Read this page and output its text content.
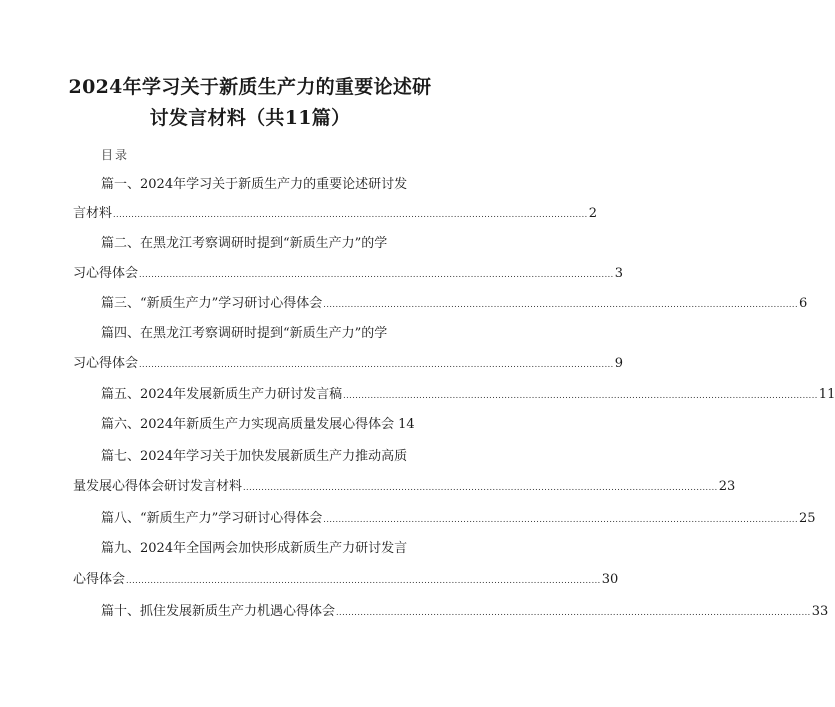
2024年学习关于新质生产力的重要论述研
讨发言材料（共11篇）
目录
篇一、2024年学习关于新质生产力的重要论述研讨发
言材料 ............................................................................................................................................................ 2
篇二、在黑龙江考察调研时提到“新质生产力”的学
习心得体会 ............................................................................................................................................................ 3
篇三、“新质生产力”学习研讨心得体会 ............................................................................................................................................................ 6
篇四、在黑龙江考察调研时提到“新质生产力”的学
习心得体会 ............................................................................................................................................................ 9
篇五、2024年发展新质生产力研讨发言稿 ............................................................................................................................................................ 11
篇六、2024年新质生产力实现高质量发展心得体会 14
篇七、2024年学习关于加快发展新质生产力推动高质
量发展心得体会研讨发言材料 ............................................................................................................................................................ 23
篇八、“新质生产力”学习研讨心得体会 ............................................................................................................................................................ 25
篇九、2024年全国两会加快形成新质生产力研讨发言
心得体会 ............................................................................................................................................................ 30
篇十、抓住发展新质生产力机遇心得体会 ............................................................................................................................................................ 33
